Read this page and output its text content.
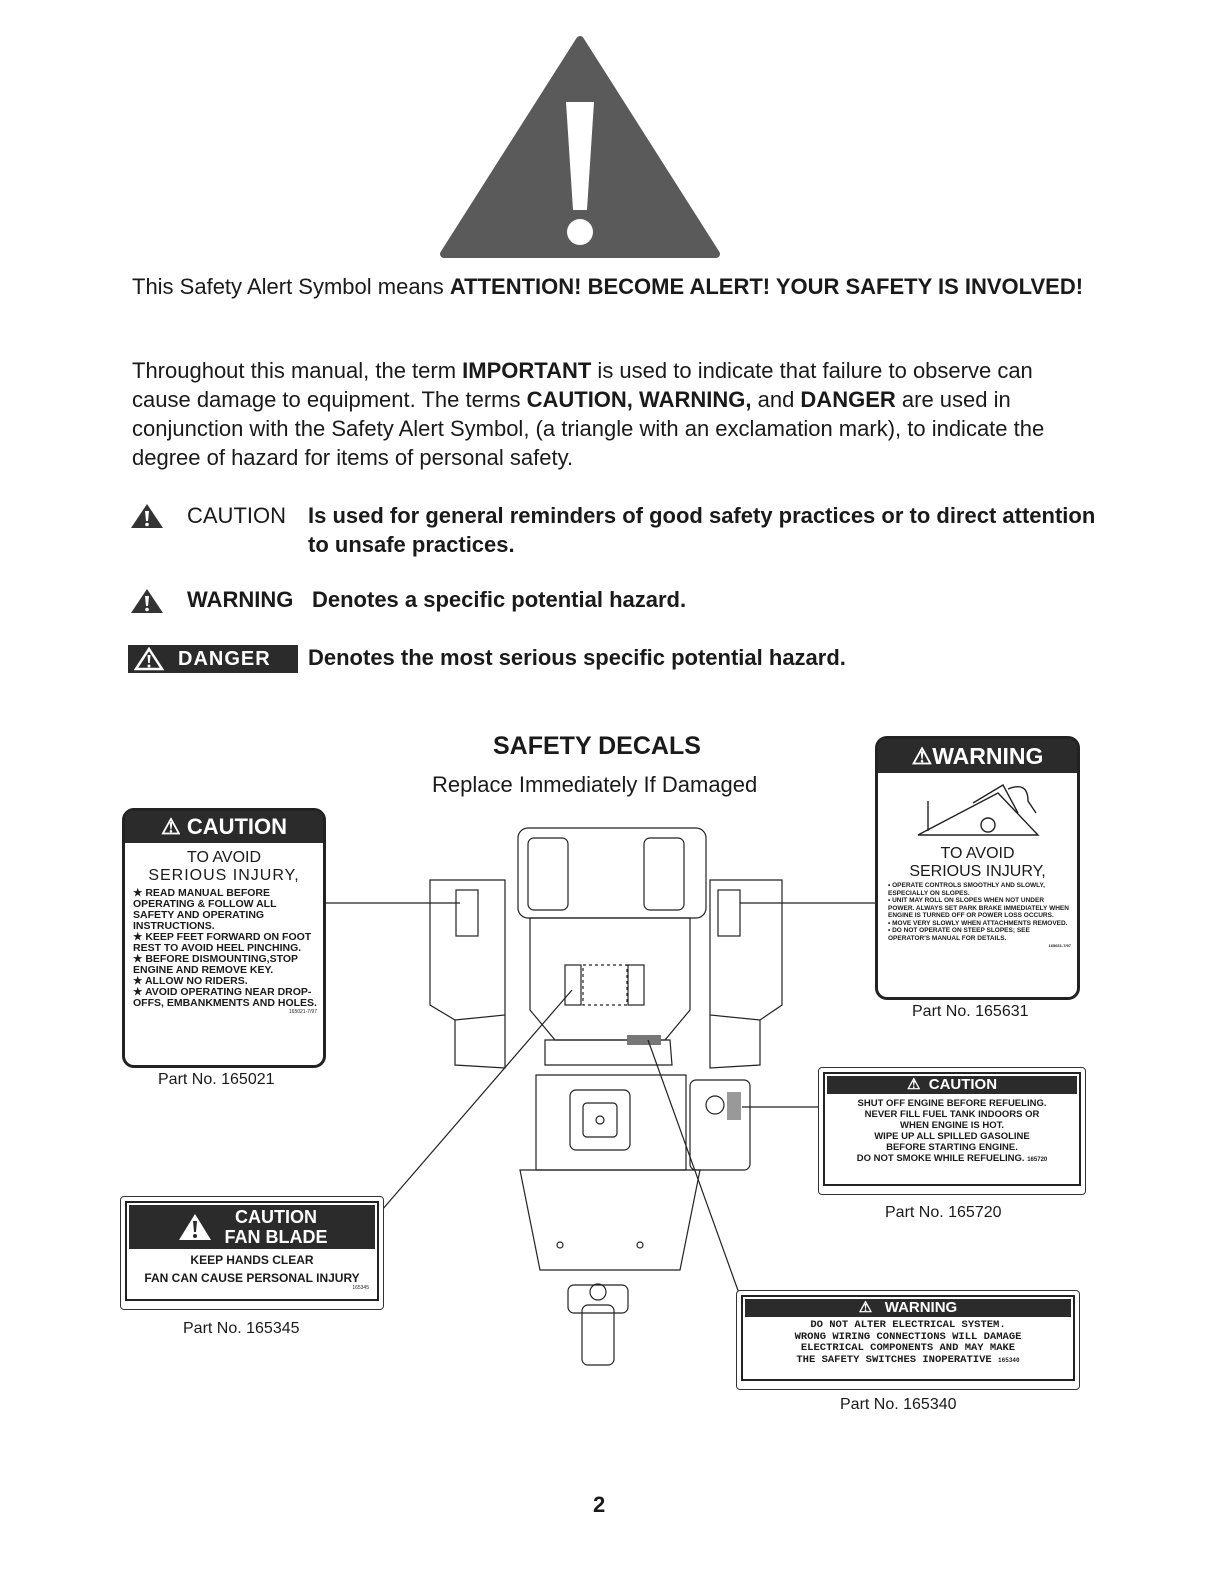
This Safety Alert Symbol means ATTENTION! BECOME ALERT! YOUR SAFETY IS INVOLVED!
Throughout this manual, the term IMPORTANT is used to indicate that failure to observe can cause damage to equipment. The terms CAUTION, WARNING, and DANGER are used in conjunction with the Safety Alert Symbol, (a triangle with an exclamation mark), to indicate the degree of hazard for items of personal safety.
CAUTION Is used for general reminders of good safety practices or to direct attention to unsafe practices.
WARNING Denotes a specific potential hazard.
DANGER Denotes the most serious specific potential hazard.
SAFETY DECALS
Replace Immediately If Damaged
⚠ CAUTION
TO AVOID
SERIOUS INJURY,
★ READ MANUAL BEFORE OPERATING & FOLLOW ALL SAFETY AND OPERATING INSTRUCTIONS.
★ KEEP FEET FORWARD ON FOOT REST TO AVOID HEEL PINCHING.
★ BEFORE DISMOUNTING,STOP ENGINE AND REMOVE KEY.
★ ALLOW NO RIDERS.
★ AVOID OPERATING NEAR DROP-OFFS, EMBANKMENTS AND HOLES.
165021-7/97
Part No. 165021
⚠WARNING
TO AVOID
SERIOUS INJURY,
• OPERATE CONTROLS SMOOTHLY AND SLOWLY, ESPECIALLY ON SLOPES.
• UNIT MAY ROLL ON SLOPES WHEN NOT UNDER POWER. ALWAYS SET PARK BRAKE IMMEDIATELY WHEN ENGINE IS TURNED OFF OR POWER LOSS OCCURS.
• MOVE VERY SLOWLY WHEN ATTACHMENTS REMOVED.
• DO NOT OPERATE ON STEEP SLOPES; SEE OPERATOR'S MANUAL FOR DETAILS.
165631-7/97
Part No. 165631
⚠ CAUTION
SHUT OFF ENGINE BEFORE REFUELING.
NEVER FILL FUEL TANK INDOORS OR
WHEN ENGINE IS HOT.
WIPE UP ALL SPILLED GASOLINE
BEFORE STARTING ENGINE.
DO NOT SMOKE WHILE REFUELING. 165720
Part No. 165720
CAUTION
FAN BLADE
KEEP HANDS CLEAR
FAN CAN CAUSE PERSONAL INJURY
165345
Part No. 165345
⚠ WARNING
DO NOT ALTER ELECTRICAL SYSTEM.
WRONG WIRING CONNECTIONS WILL DAMAGE
ELECTRICAL COMPONENTS AND MAY MAKE
THE SAFETY SWITCHES INOPERATIVE 165340
Part No. 165340
2
